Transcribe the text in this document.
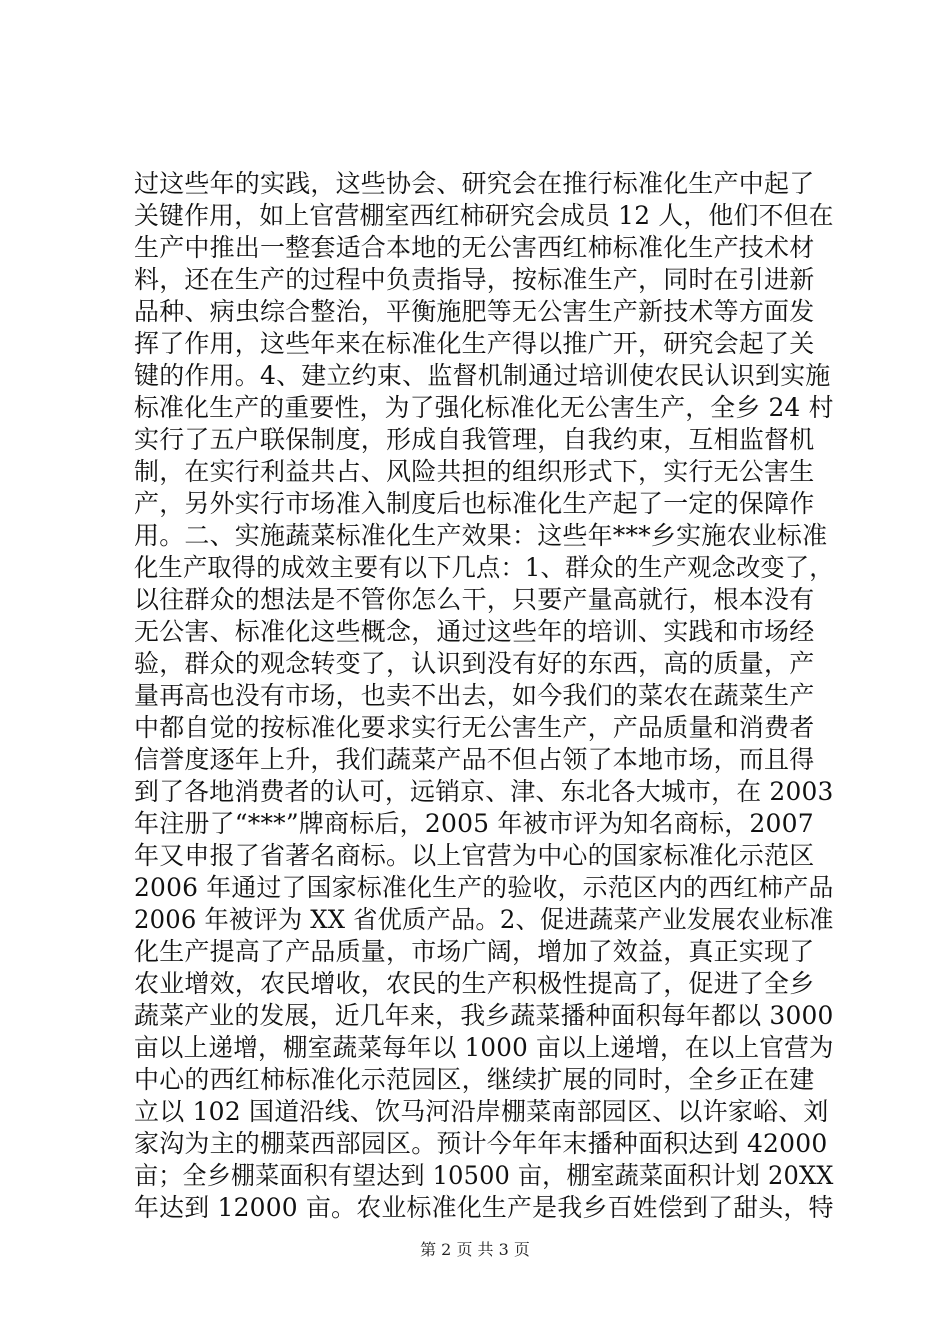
过这些年的实践，这些协会、研究会在推行标准化生产中起了
关键作用，如上官营棚室西红柿研究会成员 12 人，他们不但在
生产中推出一整套适合本地的无公害西红柿标准化生产技术材
料，还在生产的过程中负责指导，按标准生产，同时在引进新
品种、病虫综合整治，平衡施肥等无公害生产新技术等方面发
挥了作用，这些年来在标准化生产得以推广开，研究会起了关
键的作用。4、建立约束、监督机制通过培训使农民认识到实施
标准化生产的重要性，为了强化标准化无公害生产，全乡 24 村
实行了五户联保制度，形成自我管理，自我约束，互相监督机
制，在实行利益共占、风险共担的组织形式下，实行无公害生
产，另外实行市场准入制度后也标准化生产起了一定的保障作
用。二、实施蔬菜标准化生产效果：这些年***乡实施农业标准
化生产取得的成效主要有以下几点：1、群众的生产观念改变了，
以往群众的想法是不管你怎么干，只要产量高就行，根本没有
无公害、标准化这些概念，通过这些年的培训、实践和市场经
验，群众的观念转变了，认识到没有好的东西，高的质量，产
量再高也没有市场，也卖不出去，如今我们的菜农在蔬菜生产
中都自觉的按标准化要求实行无公害生产，产品质量和消费者
信誉度逐年上升，我们蔬菜产品不但占领了本地市场，而且得
到了各地消费者的认可，远销京、津、东北各大城市，在 2003
年注册了“***”牌商标后，2005 年被市评为知名商标，2007
年又申报了省著名商标。以上官营为中心的国家标准化示范区
2006 年通过了国家标准化生产的验收，示范区内的西红柿产品
2006 年被评为 XX 省优质产品。2、促进蔬菜产业发展农业标准
化生产提高了产品质量，市场广阔，增加了效益，真正实现了
农业增效，农民增收，农民的生产积极性提高了，促进了全乡
蔬菜产业的发展，近几年来，我乡蔬菜播种面积每年都以 3000
亩以上递增，棚室蔬菜每年以 1000 亩以上递增，在以上官营为
中心的西红柿标准化示范园区，继续扩展的同时，全乡正在建
立以 102 国道沿线、饮马河沿岸棚菜南部园区、以许家峪、刘
家沟为主的棚菜西部园区。预计今年年末播种面积达到 42000
亩；全乡棚菜面积有望达到 10500 亩，棚室蔬菜面积计划 20XX
年达到 12000 亩。农业标准化生产是我乡百姓偿到了甜头，特
第 2 页 共 3 页
